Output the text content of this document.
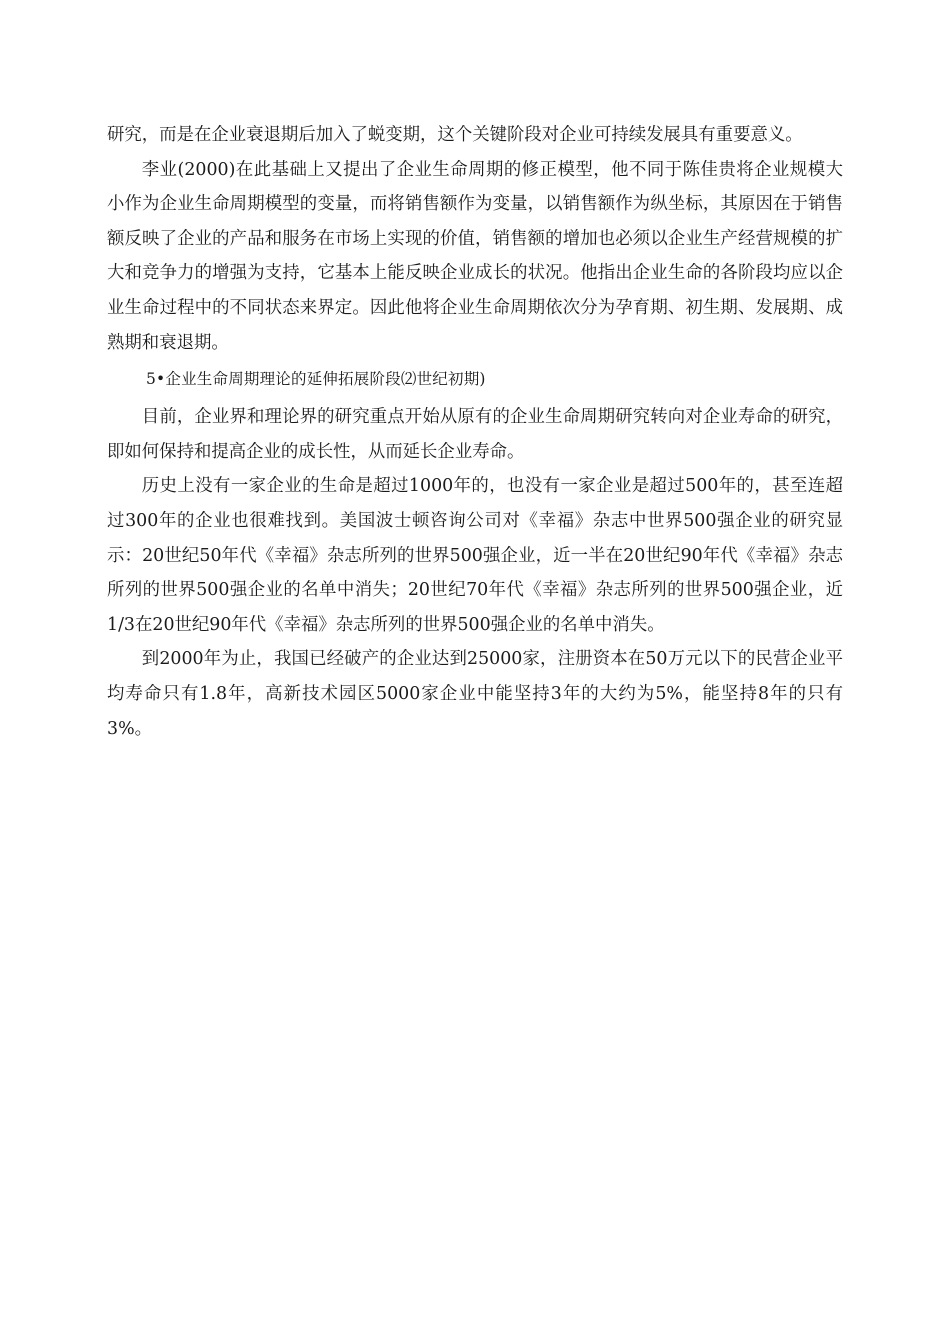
研究，而是在企业衰退期后加入了蜕变期，这个关键阶段对企业可持续发展具有重要意义。

李业(2000)在此基础上又提出了企业生命周期的修正模型，他不同于陈佳贵将企业规模大小作为企业生命周期模型的变量，而将销售额作为变量，以销售额作为纵坐标，其原因在于销售额反映了企业的产品和服务在市场上实现的价值，销售额的增加也必须以企业生产经营规模的扩大和竞争力的增强为支持，它基本上能反映企业成长的状况。他指出企业生命的各阶段均应以企业生命过程中的不同状态来界定。因此他将企业生命周期依次分为孕育期、初生期、发展期、成熟期和衰退期。

5•企业生命周期理论的延伸拓展阶段⑵世纪初期)

目前，企业界和理论界的研究重点开始从原有的企业生命周期研究转向对企业寿命的研究，即如何保持和提高企业的成长性，从而延长企业寿命。

历史上没有一家企业的生命是超过1000年的，也没有一家企业是超过500年的，甚至连超过300年的企业也很难找到。美国波士顿咨询公司对《幸福》杂志中世界500强企业的研究显示：20世纪50年代《幸福》杂志所列的世界500强企业，近一半在20世纪90年代《幸福》杂志所列的世界500强企业的名单中消失；20世纪70年代《幸福》杂志所列的世界500强企业，近1/3在20世纪90年代《幸福》杂志所列的世界500强企业的名单中消失。

到2000年为止，我国已经破产的企业达到25000家，注册资本在50万元以下的民营企业平均寿命只有1.8年，高新技术园区5000家企业中能坚持3年的大约为5%，能坚持8年的只有3%。
